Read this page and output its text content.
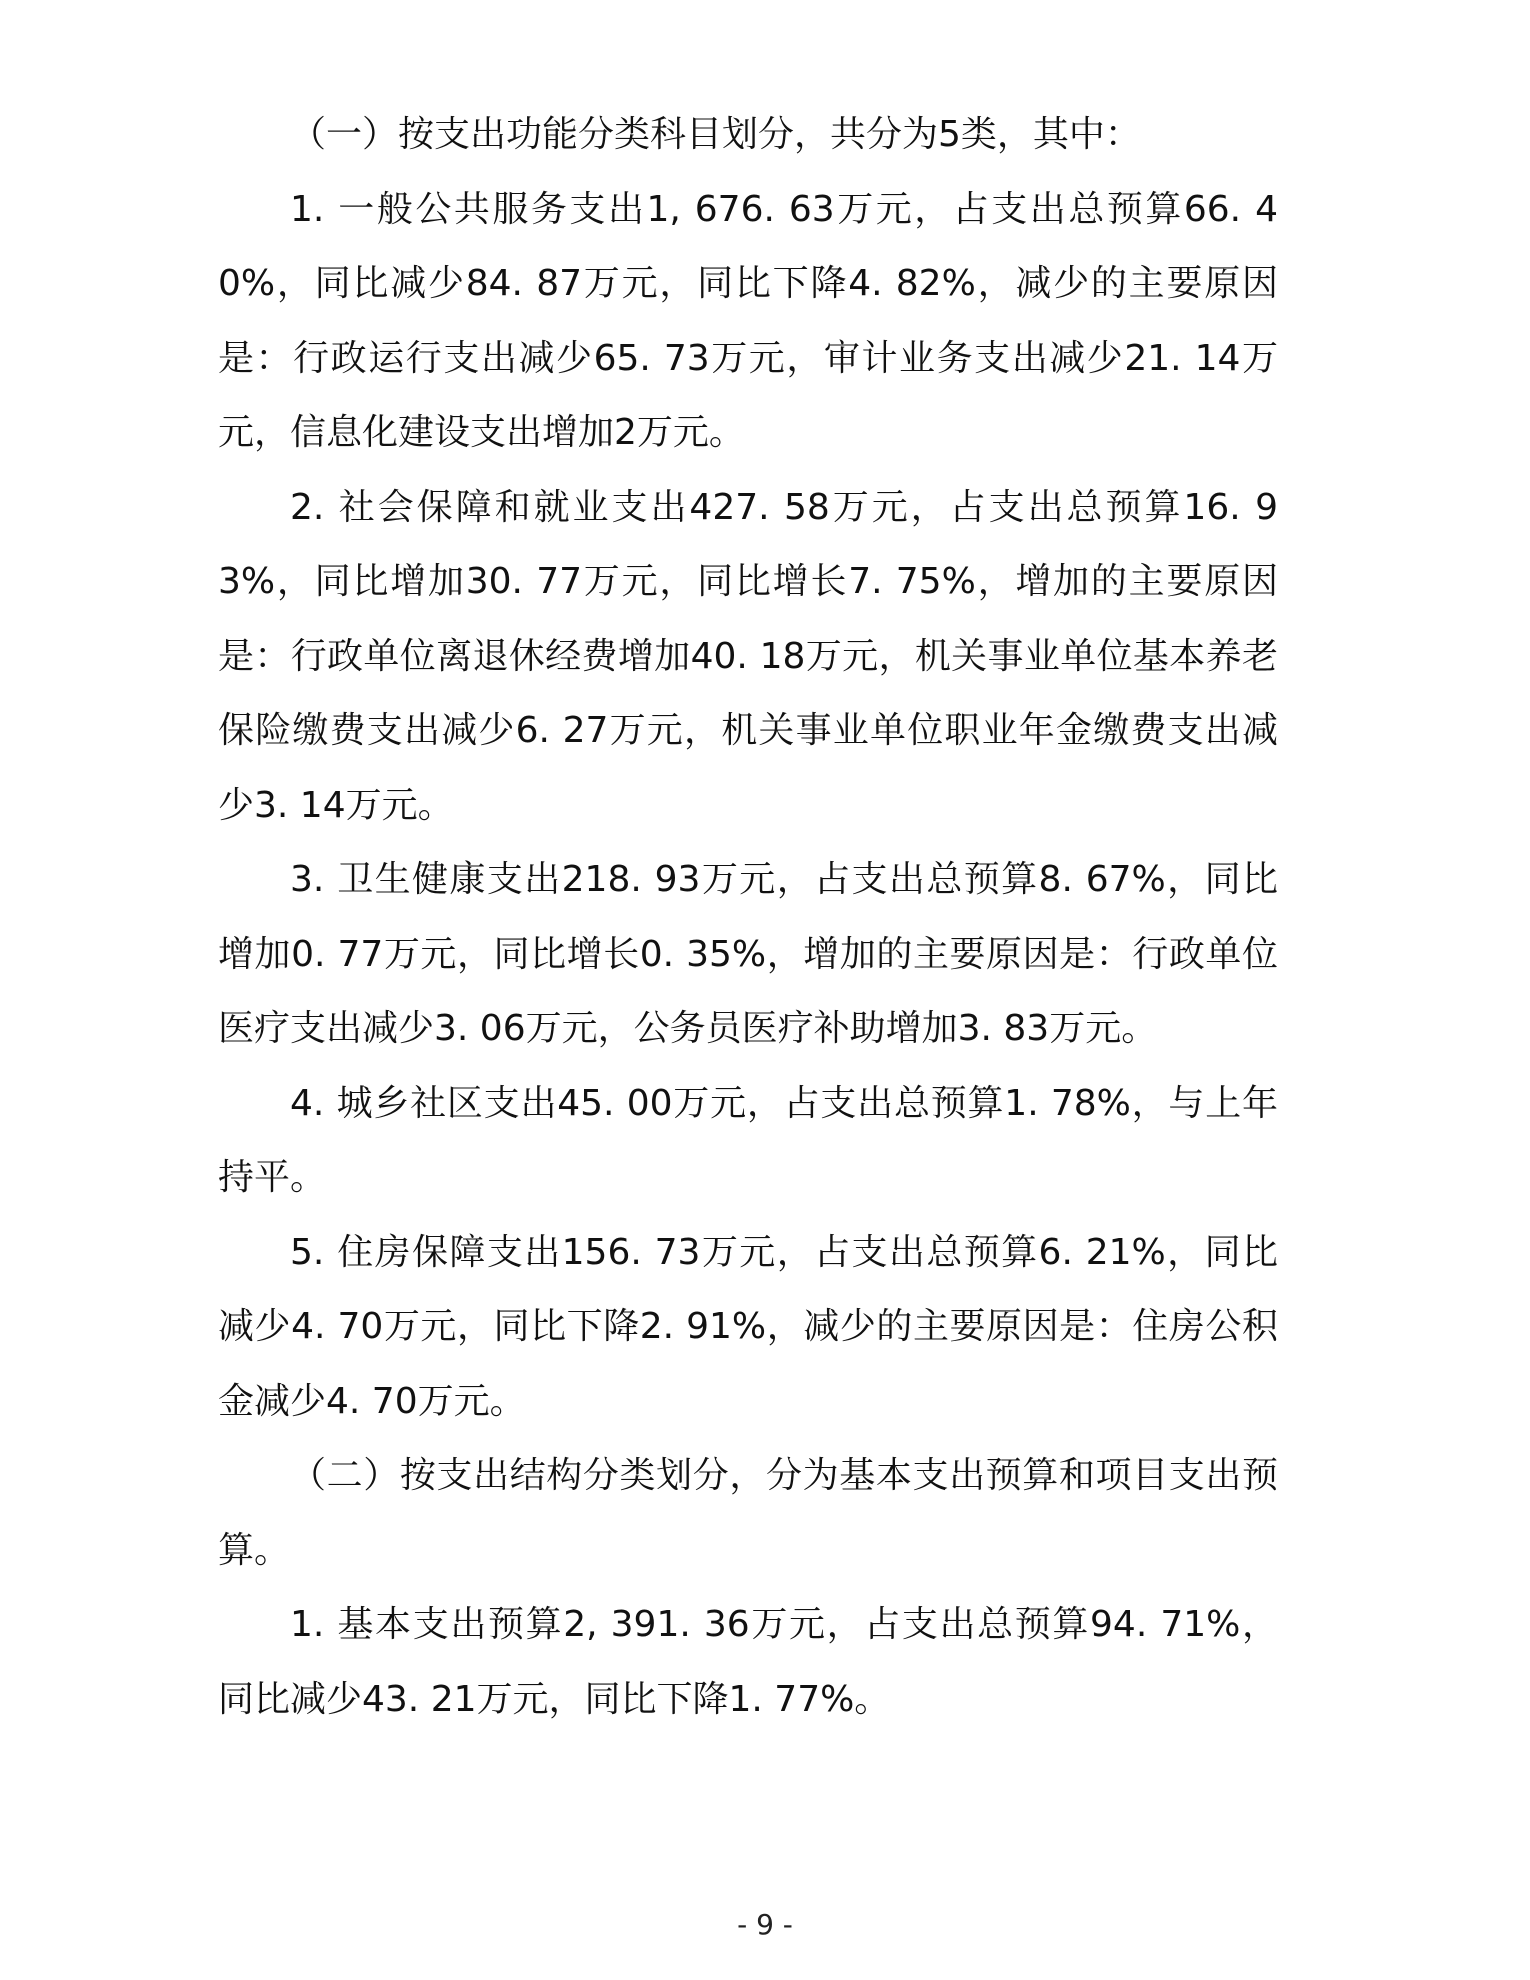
（一）按支出功能分类科目划分，共分为5类，其中：

1. 一般公共服务支出1, 676. 63万元，占支出总预算66. 40%，同比减少84. 87万元，同比下降4. 82%，减少的主要原因是：行政运行支出减少65. 73万元，审计业务支出减少21. 14万元，信息化建设支出增加2万元。

2. 社会保障和就业支出427. 58万元，占支出总预算16. 93%，同比增加30. 77万元，同比增长7. 75%，增加的主要原因是：行政单位离退休经费增加40. 18万元，机关事业单位基本养老保险缴费支出减少6. 27万元，机关事业单位职业年金缴费支出减少3. 14万元。

3. 卫生健康支出218. 93万元，占支出总预算8. 67%，同比增加0. 77万元，同比增长0. 35%，增加的主要原因是：行政单位医疗支出减少3. 06万元，公务员医疗补助增加3. 83万元。

4. 城乡社区支出45. 00万元，占支出总预算1. 78%，与上年持平。

5. 住房保障支出156. 73万元，占支出总预算6. 21%，同比减少4. 70万元，同比下降2. 91%，减少的主要原因是：住房公积金减少4. 70万元。

（二）按支出结构分类划分，分为基本支出预算和项目支出预算。

1. 基本支出预算2, 391. 36万元，占支出总预算94. 71%，同比减少43. 21万元，同比下降1. 77%。

- 9 -
